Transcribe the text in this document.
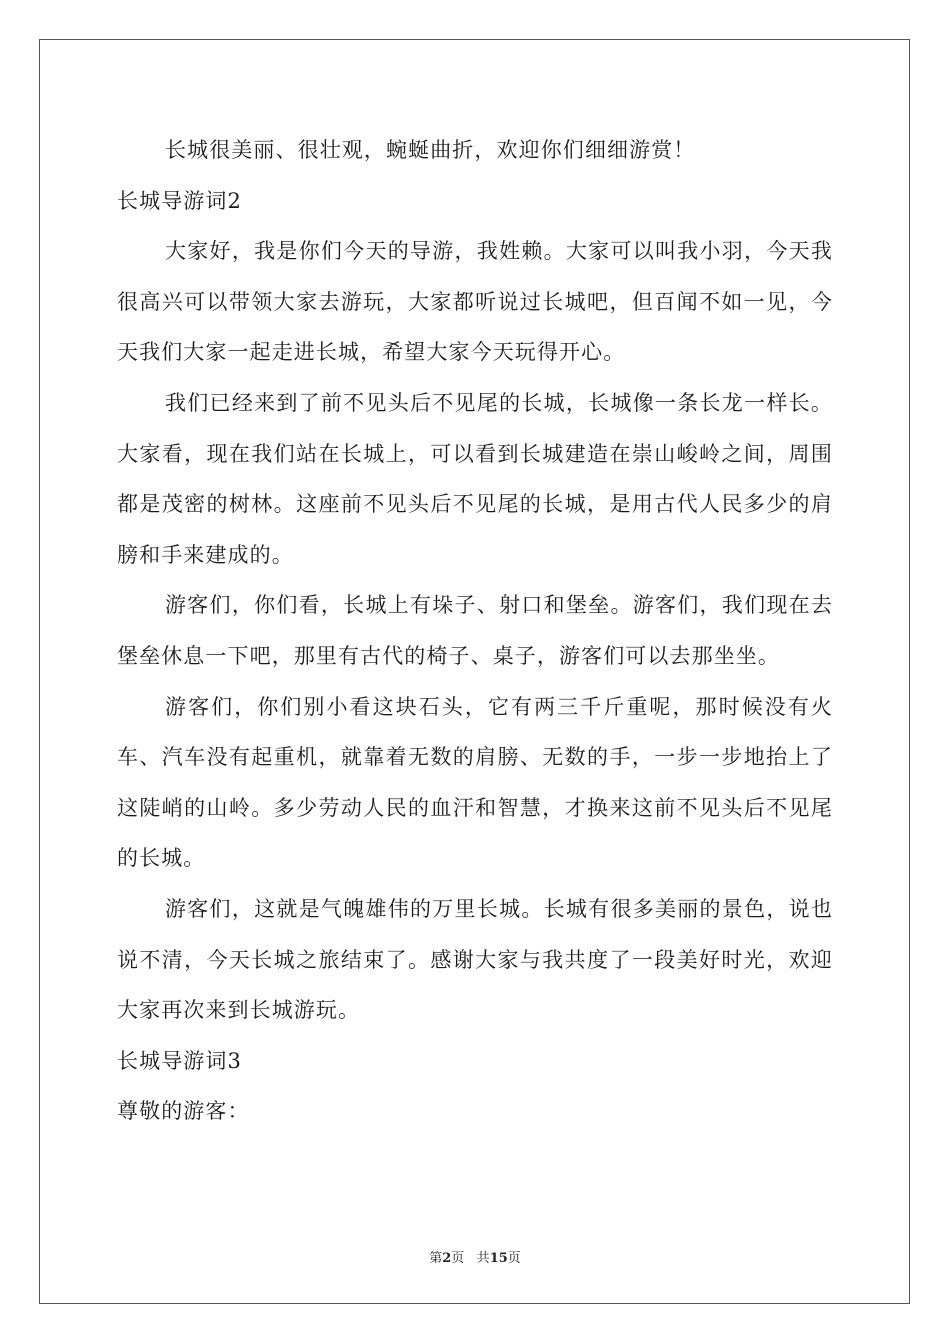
长城很美丽、很壮观，蜿蜒曲折，欢迎你们细细游赏！

长城导游词2

大家好，我是你们今天的导游，我姓赖。大家可以叫我小羽，今天我很高兴可以带领大家去游玩，大家都听说过长城吧，但百闻不如一见，今天我们大家一起走进长城，希望大家今天玩得开心。

我们已经来到了前不见头后不见尾的长城，长城像一条长龙一样长。大家看，现在我们站在长城上，可以看到长城建造在崇山峻岭之间，周围都是茂密的树林。这座前不见头后不见尾的长城，是用古代人民多少的肩膀和手来建成的。

游客们，你们看，长城上有垛子、射口和堡垒。游客们，我们现在去堡垒休息一下吧，那里有古代的椅子、桌子，游客们可以去那坐坐。

游客们，你们别小看这块石头，它有两三千斤重呢，那时候没有火车、汽车没有起重机，就靠着无数的肩膀、无数的手，一步一步地抬上了这陡峭的山岭。多少劳动人民的血汗和智慧，才换来这前不见头后不见尾的长城。

游客们，这就是气魄雄伟的万里长城。长城有很多美丽的景色，说也说不清，今天长城之旅结束了。感谢大家与我共度了一段美好时光，欢迎大家再次来到长城游玩。

长城导游词3

尊敬的游客：

第2页 共15页
